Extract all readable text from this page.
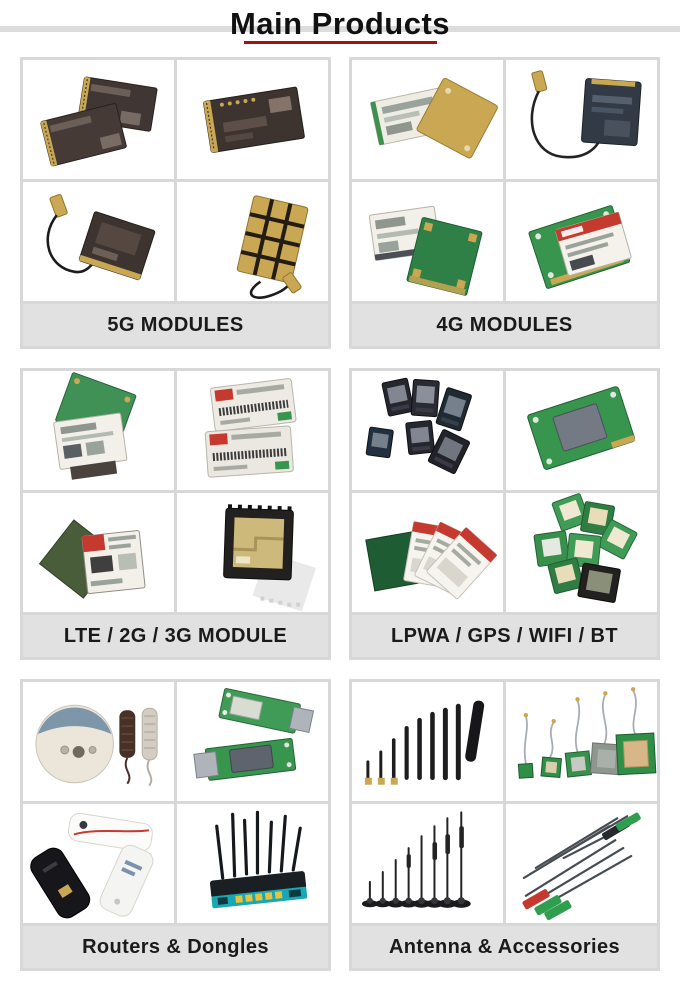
Main Products
5G MODULES	4G MODULES
LTE / 2G / 3G MODULE	LPWA / GPS / WIFI / BT
Routers & Dongles	Antenna & Accessories
